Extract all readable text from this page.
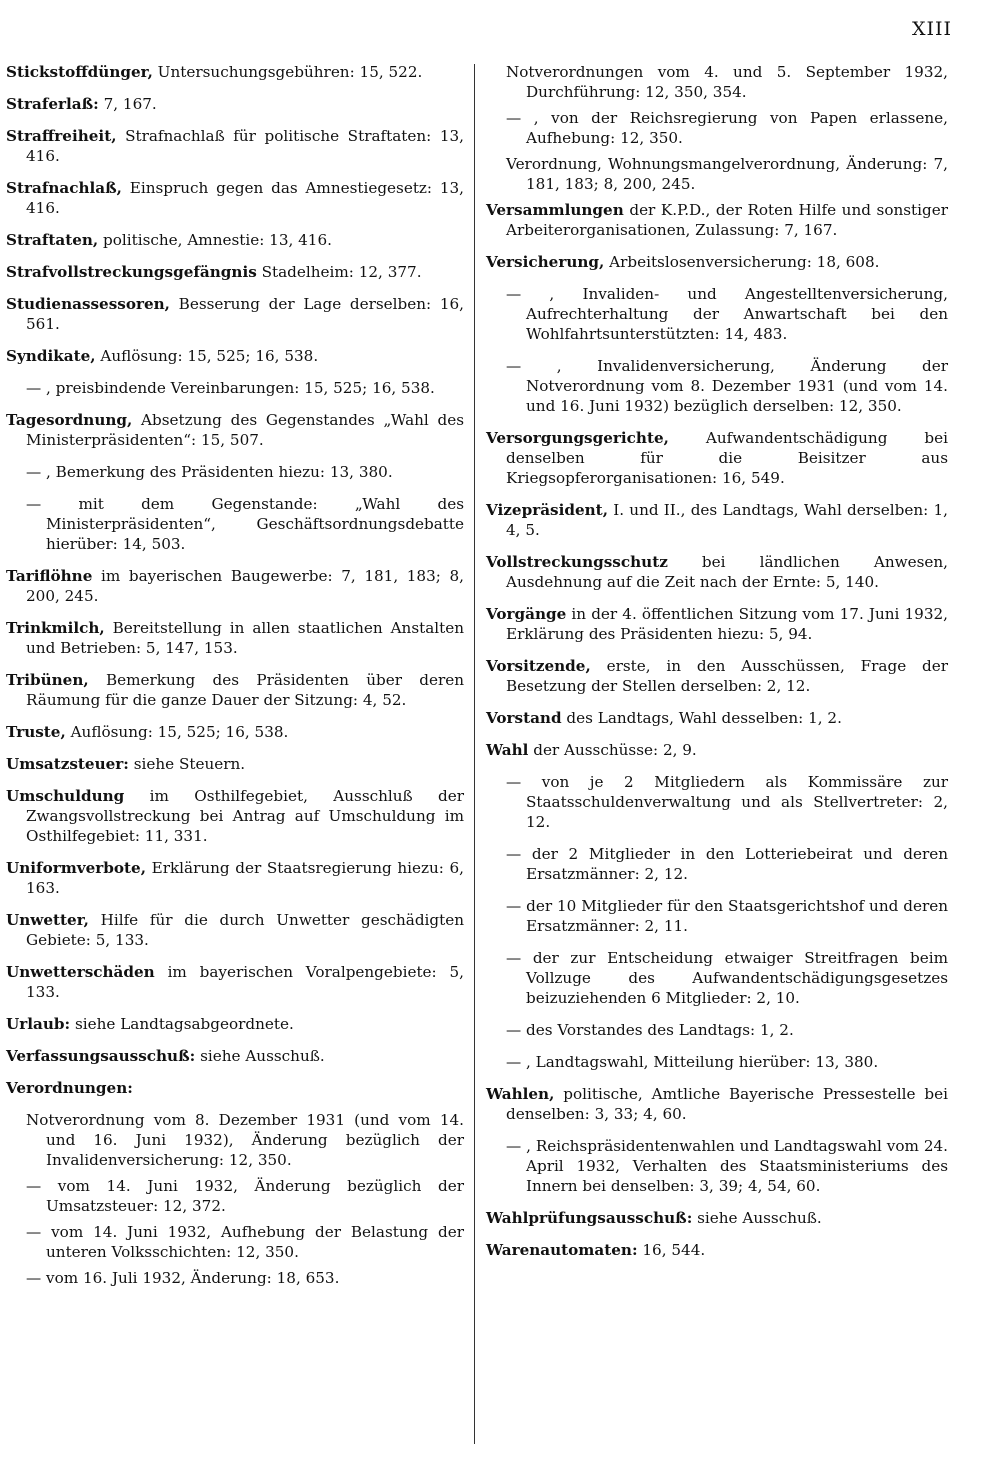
XIII
Stickstoffdünger, Untersuchungsgebühren: 15, 522.
Straferlaß: 7, 167.
Straffreiheit, Strafnachlaß für politische Straftaten: 13, 416.
Strafnachlaß, Einspruch gegen das Amnestiegesetz: 13, 416.
Straftaten, politische, Amnestie: 13, 416.
Strafvollstreckungsgefängnis Stadelheim: 12, 377.
Studienassessoren, Besserung der Lage derselben: 16, 561.
Syndikate, Auflösung: 15, 525; 16, 538.
— , preisbindende Vereinbarungen: 15, 525; 16, 538.
Tagesordnung, Absetzung des Gegenstandes „Wahl des Ministerpräsidenten“: 15, 507.
— , Bemerkung des Präsidenten hiezu: 13, 380.
— mit dem Gegenstande: „Wahl des Ministerpräsidenten“, Geschäftsordnungsdebatte hierüber: 14, 503.
Tariflöhne im bayerischen Baugewerbe: 7, 181, 183; 8, 200, 245.
Trinkmilch, Bereitstellung in allen staatlichen Anstalten und Betrieben: 5, 147, 153.
Tribünen, Bemerkung des Präsidenten über deren Räumung für die ganze Dauer der Sitzung: 4, 52.
Truste, Auflösung: 15, 525; 16, 538.
Umsatzsteuer: siehe Steuern.
Umschuldung im Osthilfegebiet, Ausschluß der Zwangsvollstreckung bei Antrag auf Umschuldung im Osthilfegebiet: 11, 331.
Uniformverbote, Erklärung der Staatsregierung hiezu: 6, 163.
Unwetter, Hilfe für die durch Unwetter geschädigten Gebiete: 5, 133.
Unwetterschäden im bayerischen Voralpengebiete: 5, 133.
Urlaub: siehe Landtagsabgeordnete.
Verfassungsausschuß: siehe Ausschuß.
Verordnungen:
Notverordnung vom 8. Dezember 1931 (und vom 14. und 16. Juni 1932), Änderung bezüglich der Invalidenversicherung: 12, 350.
— vom 14. Juni 1932, Änderung bezüglich der Umsatzsteuer: 12, 372.
— vom 14. Juni 1932, Aufhebung der Belastung der unteren Volksschichten: 12, 350.
— vom 16. Juli 1932, Änderung: 18, 653.
Notverordnungen vom 4. und 5. September 1932, Durchführung: 12, 350, 354.
— , von der Reichsregierung von Papen erlassene, Aufhebung: 12, 350.
Verordnung, Wohnungsmangelverordnung, Änderung: 7, 181, 183; 8, 200, 245.
Versammlungen der K.P.D., der Roten Hilfe und sonstiger Arbeiterorganisationen, Zulassung: 7, 167.
Versicherung, Arbeitslosenversicherung: 18, 608.
— , Invaliden- und Angestelltenversicherung, Aufrechterhaltung der Anwartschaft bei den Wohlfahrtsunterstützten: 14, 483.
— , Invalidenversicherung, Änderung der Notverordnung vom 8. Dezember 1931 (und vom 14. und 16. Juni 1932) bezüglich derselben: 12, 350.
Versorgungsgerichte, Aufwandentschädigung bei denselben für die Beisitzer aus Kriegsopferorganisationen: 16, 549.
Vizepräsident, I. und II., des Landtags, Wahl derselben: 1, 4, 5.
Vollstreckungsschutz bei ländlichen Anwesen, Ausdehnung auf die Zeit nach der Ernte: 5, 140.
Vorgänge in der 4. öffentlichen Sitzung vom 17. Juni 1932, Erklärung des Präsidenten hiezu: 5, 94.
Vorsitzende, erste, in den Ausschüssen, Frage der Besetzung der Stellen derselben: 2, 12.
Vorstand des Landtags, Wahl desselben: 1, 2.
Wahl der Ausschüsse: 2, 9.
— von je 2 Mitgliedern als Kommissäre zur Staatsschuldenverwaltung und als Stellvertreter: 2, 12.
— der 2 Mitglieder in den Lotteriebeirat und deren Ersatzmänner: 2, 12.
— der 10 Mitglieder für den Staatsgerichtshof und deren Ersatzmänner: 2, 11.
— der zur Entscheidung etwaiger Streitfragen beim Vollzuge des Aufwandentschädigungsgesetzes beizuziehenden 6 Mitglieder: 2, 10.
— des Vorstandes des Landtags: 1, 2.
— , Landtagswahl, Mitteilung hierüber: 13, 380.
Wahlen, politische, Amtliche Bayerische Pressestelle bei denselben: 3, 33; 4, 60.
— , Reichspräsidentenwahlen und Landtagswahl vom 24. April 1932, Verhalten des Staatsministeriums des Innern bei denselben: 3, 39; 4, 54, 60.
Wahlprüfungsausschuß: siehe Ausschuß.
Warenautomaten: 16, 544.
